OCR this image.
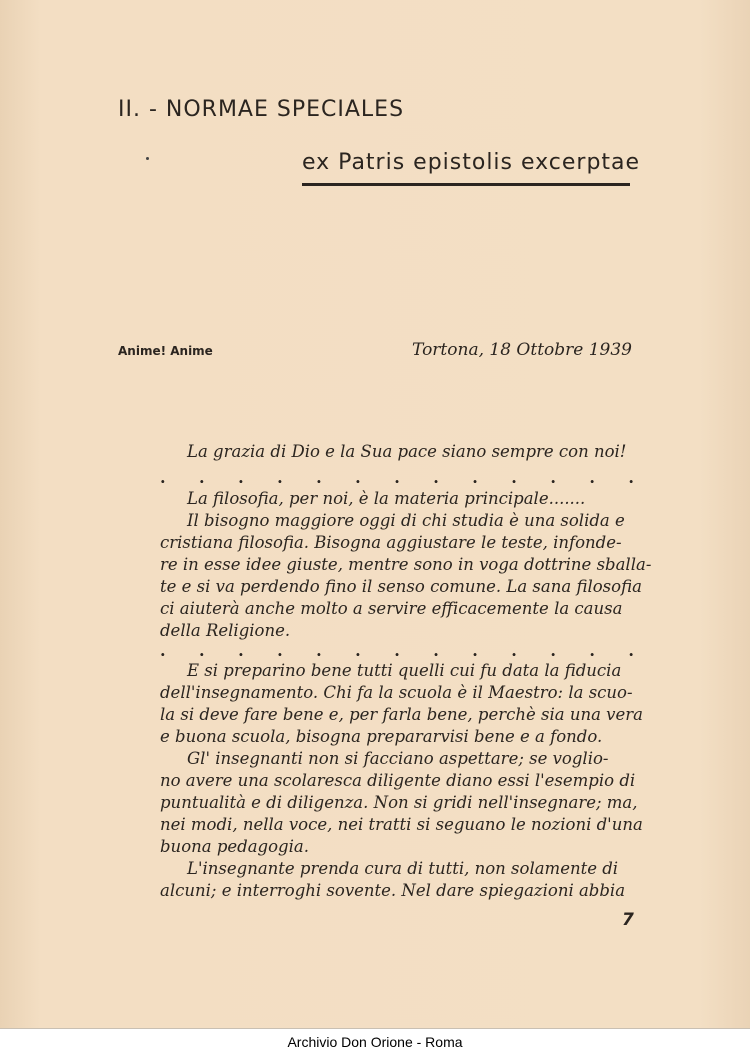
II. - NORMAE SPECIALES
ex Patris epistolis excerptae
Anime! Anime	Tortona, 18 Ottobre 1939
La grazia di Dio e la Sua pace siano sempre con noi!
. . . . . . . . . . . . .
La filosofia, per noi, è la materia principale.......
Il bisogno maggiore oggi di chi studia è una solida e
cristiana filosofia. Bisogna aggiustare le teste, infonde-
re in esse idee giuste, mentre sono in voga dottrine sballa-
te e si va perdendo fino il senso comune. La sana filosofia
ci aiuterà anche molto a servire efficacemente la causa
della Religione.
. . . . . . . . . . . . .
E si preparino bene tutti quelli cui fu data la fiducia
dell'insegnamento. Chi fa la scuola è il Maestro: la scuo-
la si deve fare bene e, per farla bene, perchè sia una vera
e buona scuola, bisogna prepararvisi bene e a fondo.
Gl' insegnanti non si facciano aspettare; se voglio-
no avere una scolaresca diligente diano essi l'esempio di
puntualità e di diligenza. Non si gridi nell'insegnare; ma,
nei modi, nella voce, nei tratti si seguano le nozioni d'una
buona pedagogia.
L'insegnante prenda cura di tutti, non solamente di
alcuni; e interroghi sovente. Nel dare spiegazioni abbia
7
Archivio Don Orione - Roma
